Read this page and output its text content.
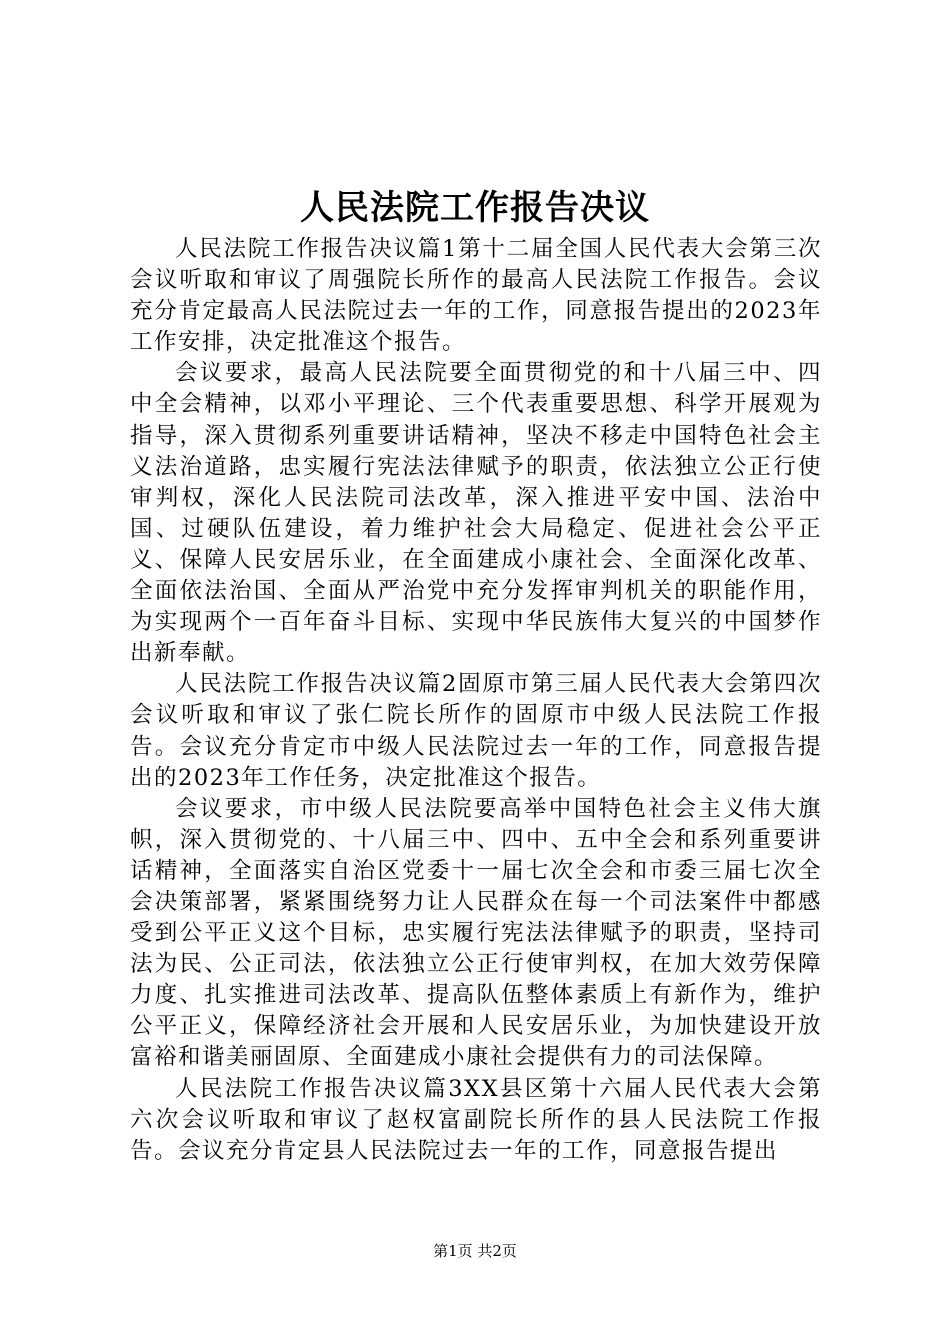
人民法院工作报告决议

人民法院工作报告决议篇1第十二届全国人民代表大会第三次会议听取和审议了周强院长所作的最高人民法院工作报告。会议充分肯定最高人民法院过去一年的工作，同意报告提出的2023年工作安排，决定批准这个报告。

会议要求，最高人民法院要全面贯彻党的和十八届三中、四中全会精神，以邓小平理论、三个代表重要思想、科学开展观为指导，深入贯彻系列重要讲话精神，坚决不移走中国特色社会主义法治道路，忠实履行宪法法律赋予的职责，依法独立公正行使审判权，深化人民法院司法改革，深入推进平安中国、法治中国、过硬队伍建设，着力维护社会大局稳定、促进社会公平正义、保障人民安居乐业，在全面建成小康社会、全面深化改革、全面依法治国、全面从严治党中充分发挥审判机关的职能作用，为实现两个一百年奋斗目标、实现中华民族伟大复兴的中国梦作出新奉献。

人民法院工作报告决议篇2固原市第三届人民代表大会第四次会议听取和审议了张仁院长所作的固原市中级人民法院工作报告。会议充分肯定市中级人民法院过去一年的工作，同意报告提出的2023年工作任务，决定批准这个报告。

会议要求，市中级人民法院要高举中国特色社会主义伟大旗帜，深入贯彻党的、十八届三中、四中、五中全会和系列重要讲话精神，全面落实自治区党委十一届七次全会和市委三届七次全会决策部署，紧紧围绕努力让人民群众在每一个司法案件中都感受到公平正义这个目标，忠实履行宪法法律赋予的职责，坚持司法为民、公正司法，依法独立公正行使审判权，在加大效劳保障力度、扎实推进司法改革、提高队伍整体素质上有新作为，维护公平正义，保障经济社会开展和人民安居乐业，为加快建设开放富裕和谐美丽固原、全面建成小康社会提供有力的司法保障。

人民法院工作报告决议篇3XX县区第十六届人民代表大会第六次会议听取和审议了赵权富副院长所作的县人民法院工作报告。会议充分肯定县人民法院过去一年的工作，同意报告提出

第1页 共2页
